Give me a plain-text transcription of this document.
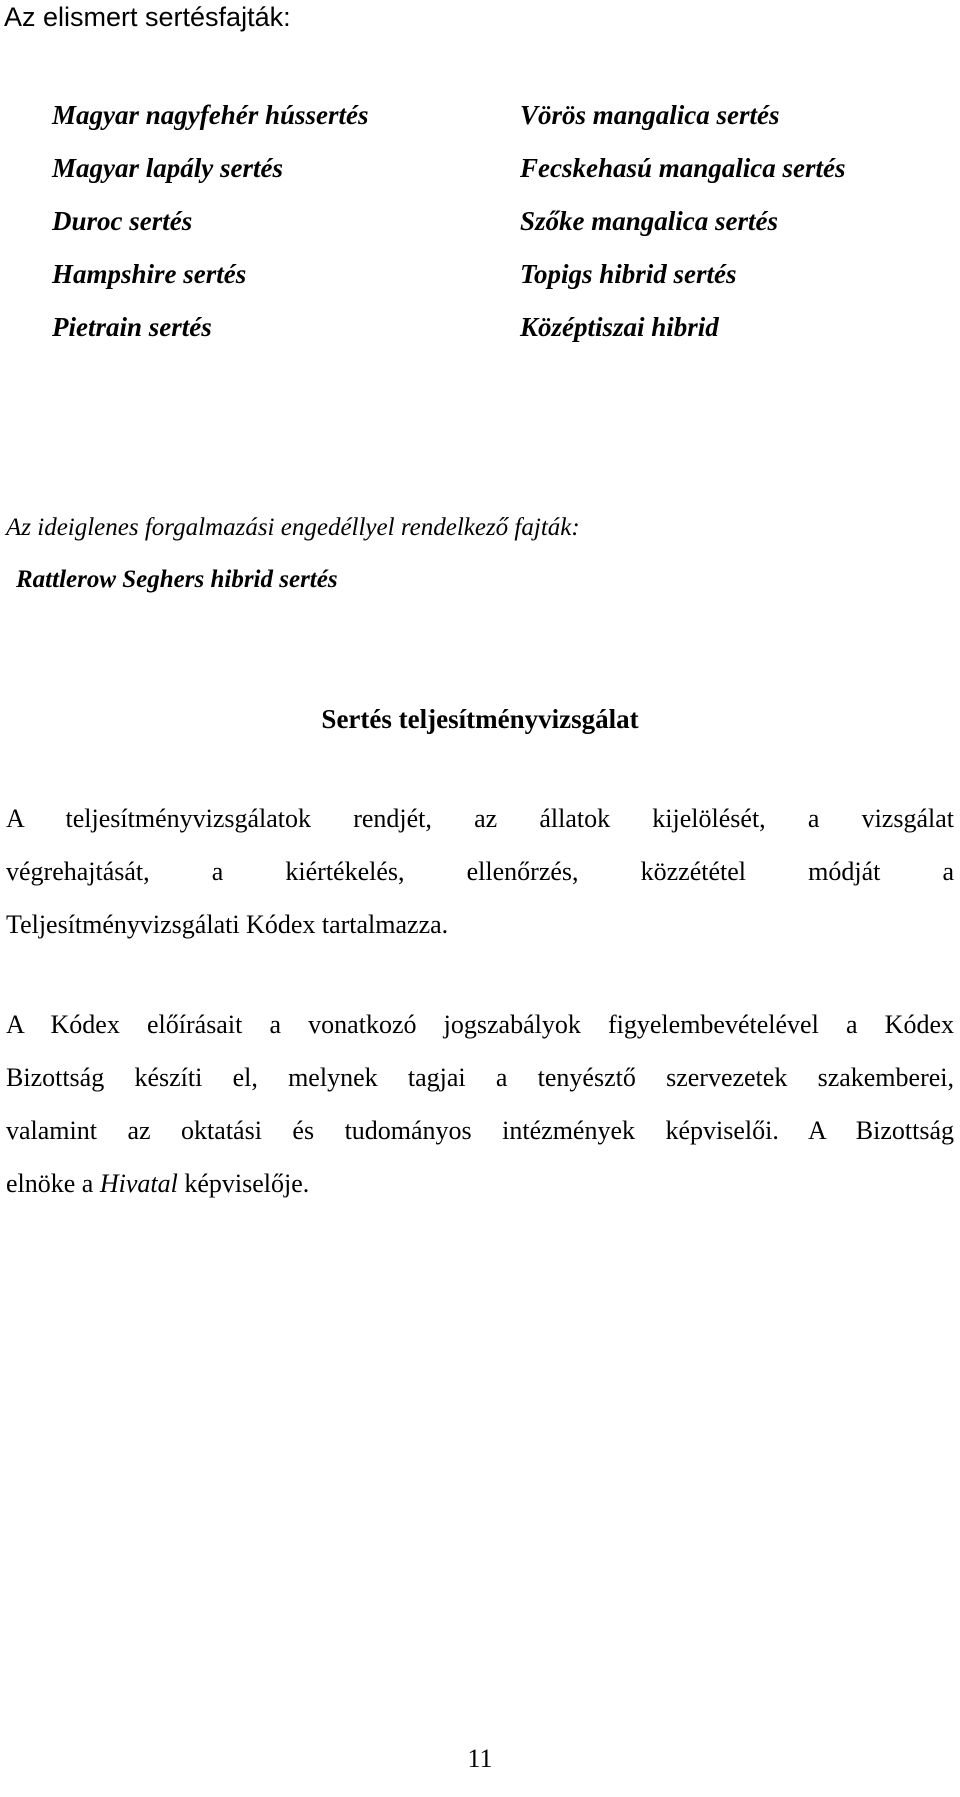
Az elismert sertésfajták:
Magyar nagyfehér hússertés
Magyar lapály sertés
Duroc sertés
Hampshire sertés
Pietrain sertés
Vörös mangalica sertés
Fecskehasú mangalica sertés
Szőke mangalica sertés
Topigs hibrid sertés
Középtiszai hibrid

Az ideiglenes forgalmazási engedéllyel rendelkező fajták:

Rattlerow Seghers hibrid sertés

Sertés teljesítményvizsgálat
A teljesítményvizsgálatok rendjét, az állatok kijelölését, a vizsgálat
végrehajtását, a kiértékelés, ellenőrzés, közzététel módját a
Teljesítményvizsgálati Kódex tartalmazza.
A Kódex előírásait a vonatkozó jogszabályok figyelembevételével a Kódex
Bizottság készíti el, melynek tagjai a tenyésztő szervezetek szakemberei,
valamint az oktatási és tudományos intézmények képviselői. A Bizottság
elnöke a Hivatal képviselője.
11
